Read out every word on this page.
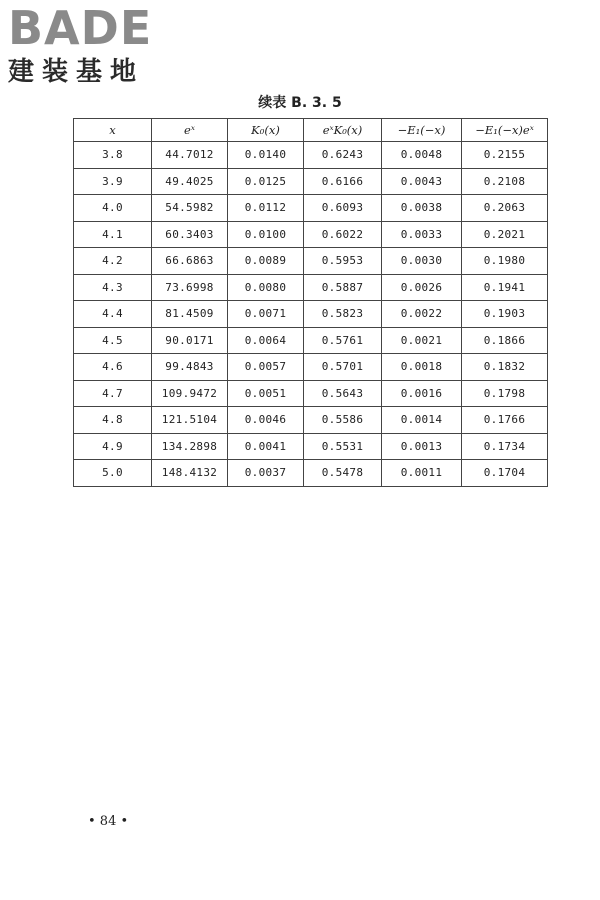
BADE
建装基地
续表 B. 3. 5
x	eˣ	K₀(x)	eˣK₀(x)	−E₁(−x)	−E₁(−x)eˣ
3.8	44.7012	0.0140	0.6243	0.0048	0.2155
3.9	49.4025	0.0125	0.6166	0.0043	0.2108
4.0	54.5982	0.0112	0.6093	0.0038	0.2063
4.1	60.3403	0.0100	0.6022	0.0033	0.2021
4.2	66.6863	0.0089	0.5953	0.0030	0.1980
4.3	73.6998	0.0080	0.5887	0.0026	0.1941
4.4	81.4509	0.0071	0.5823	0.0022	0.1903
4.5	90.0171	0.0064	0.5761	0.0021	0.1866
4.6	99.4843	0.0057	0.5701	0.0018	0.1832
4.7	109.9472	0.0051	0.5643	0.0016	0.1798
4.8	121.5104	0.0046	0.5586	0.0014	0.1766
4.9	134.2898	0.0041	0.5531	0.0013	0.1734
5.0	148.4132	0.0037	0.5478	0.0011	0.1704
• 84 •
